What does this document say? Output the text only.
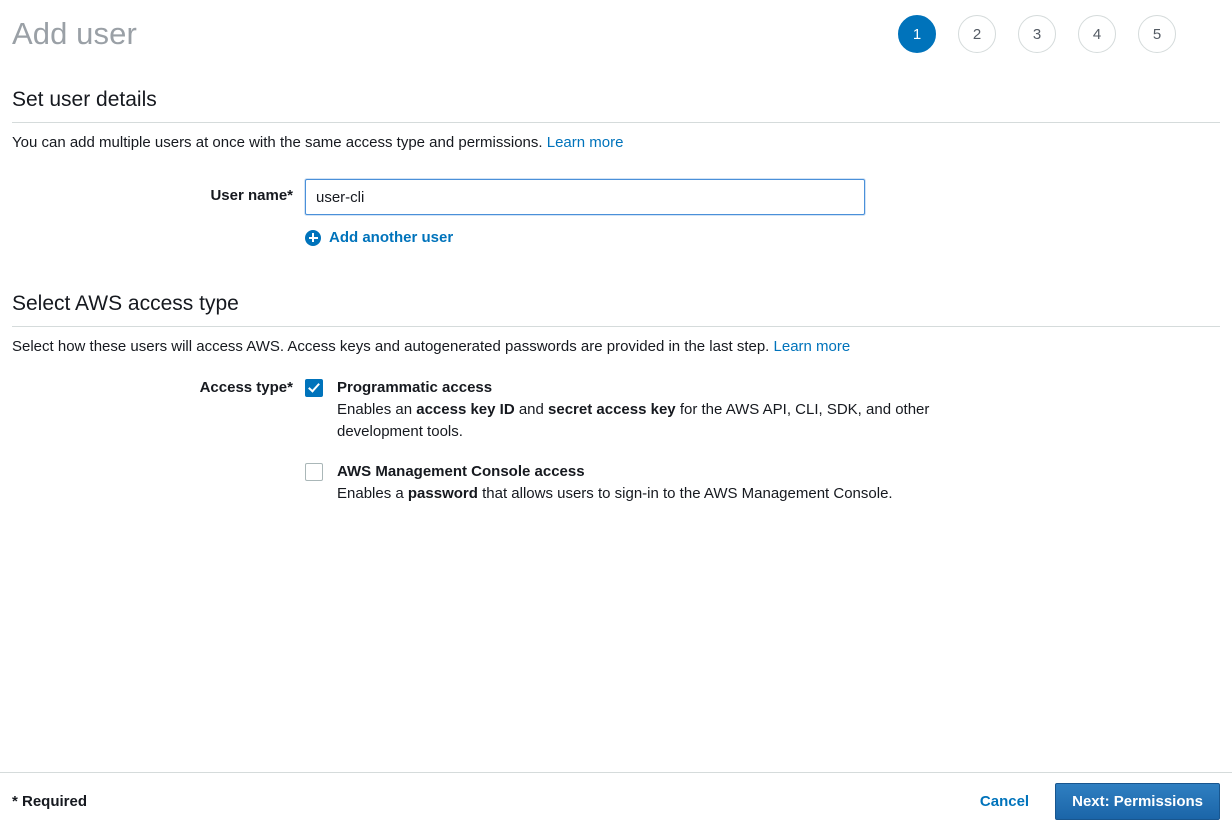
Add user	1	2	3	4	5
Set user details
You can add multiple users at once with the same access type and permissions. Learn more
User name*
user-cli
Add another user
Select AWS access type
Select how these users will access AWS. Access keys and autogenerated passwords are provided in the last step. Learn more
Access type*	Programmatic access
Enables an access key ID and secret access key for the AWS API, CLI, SDK, and other development tools.
AWS Management Console access
Enables a password that allows users to sign-in to the AWS Management Console.
* Required	Cancel	Next: Permissions
